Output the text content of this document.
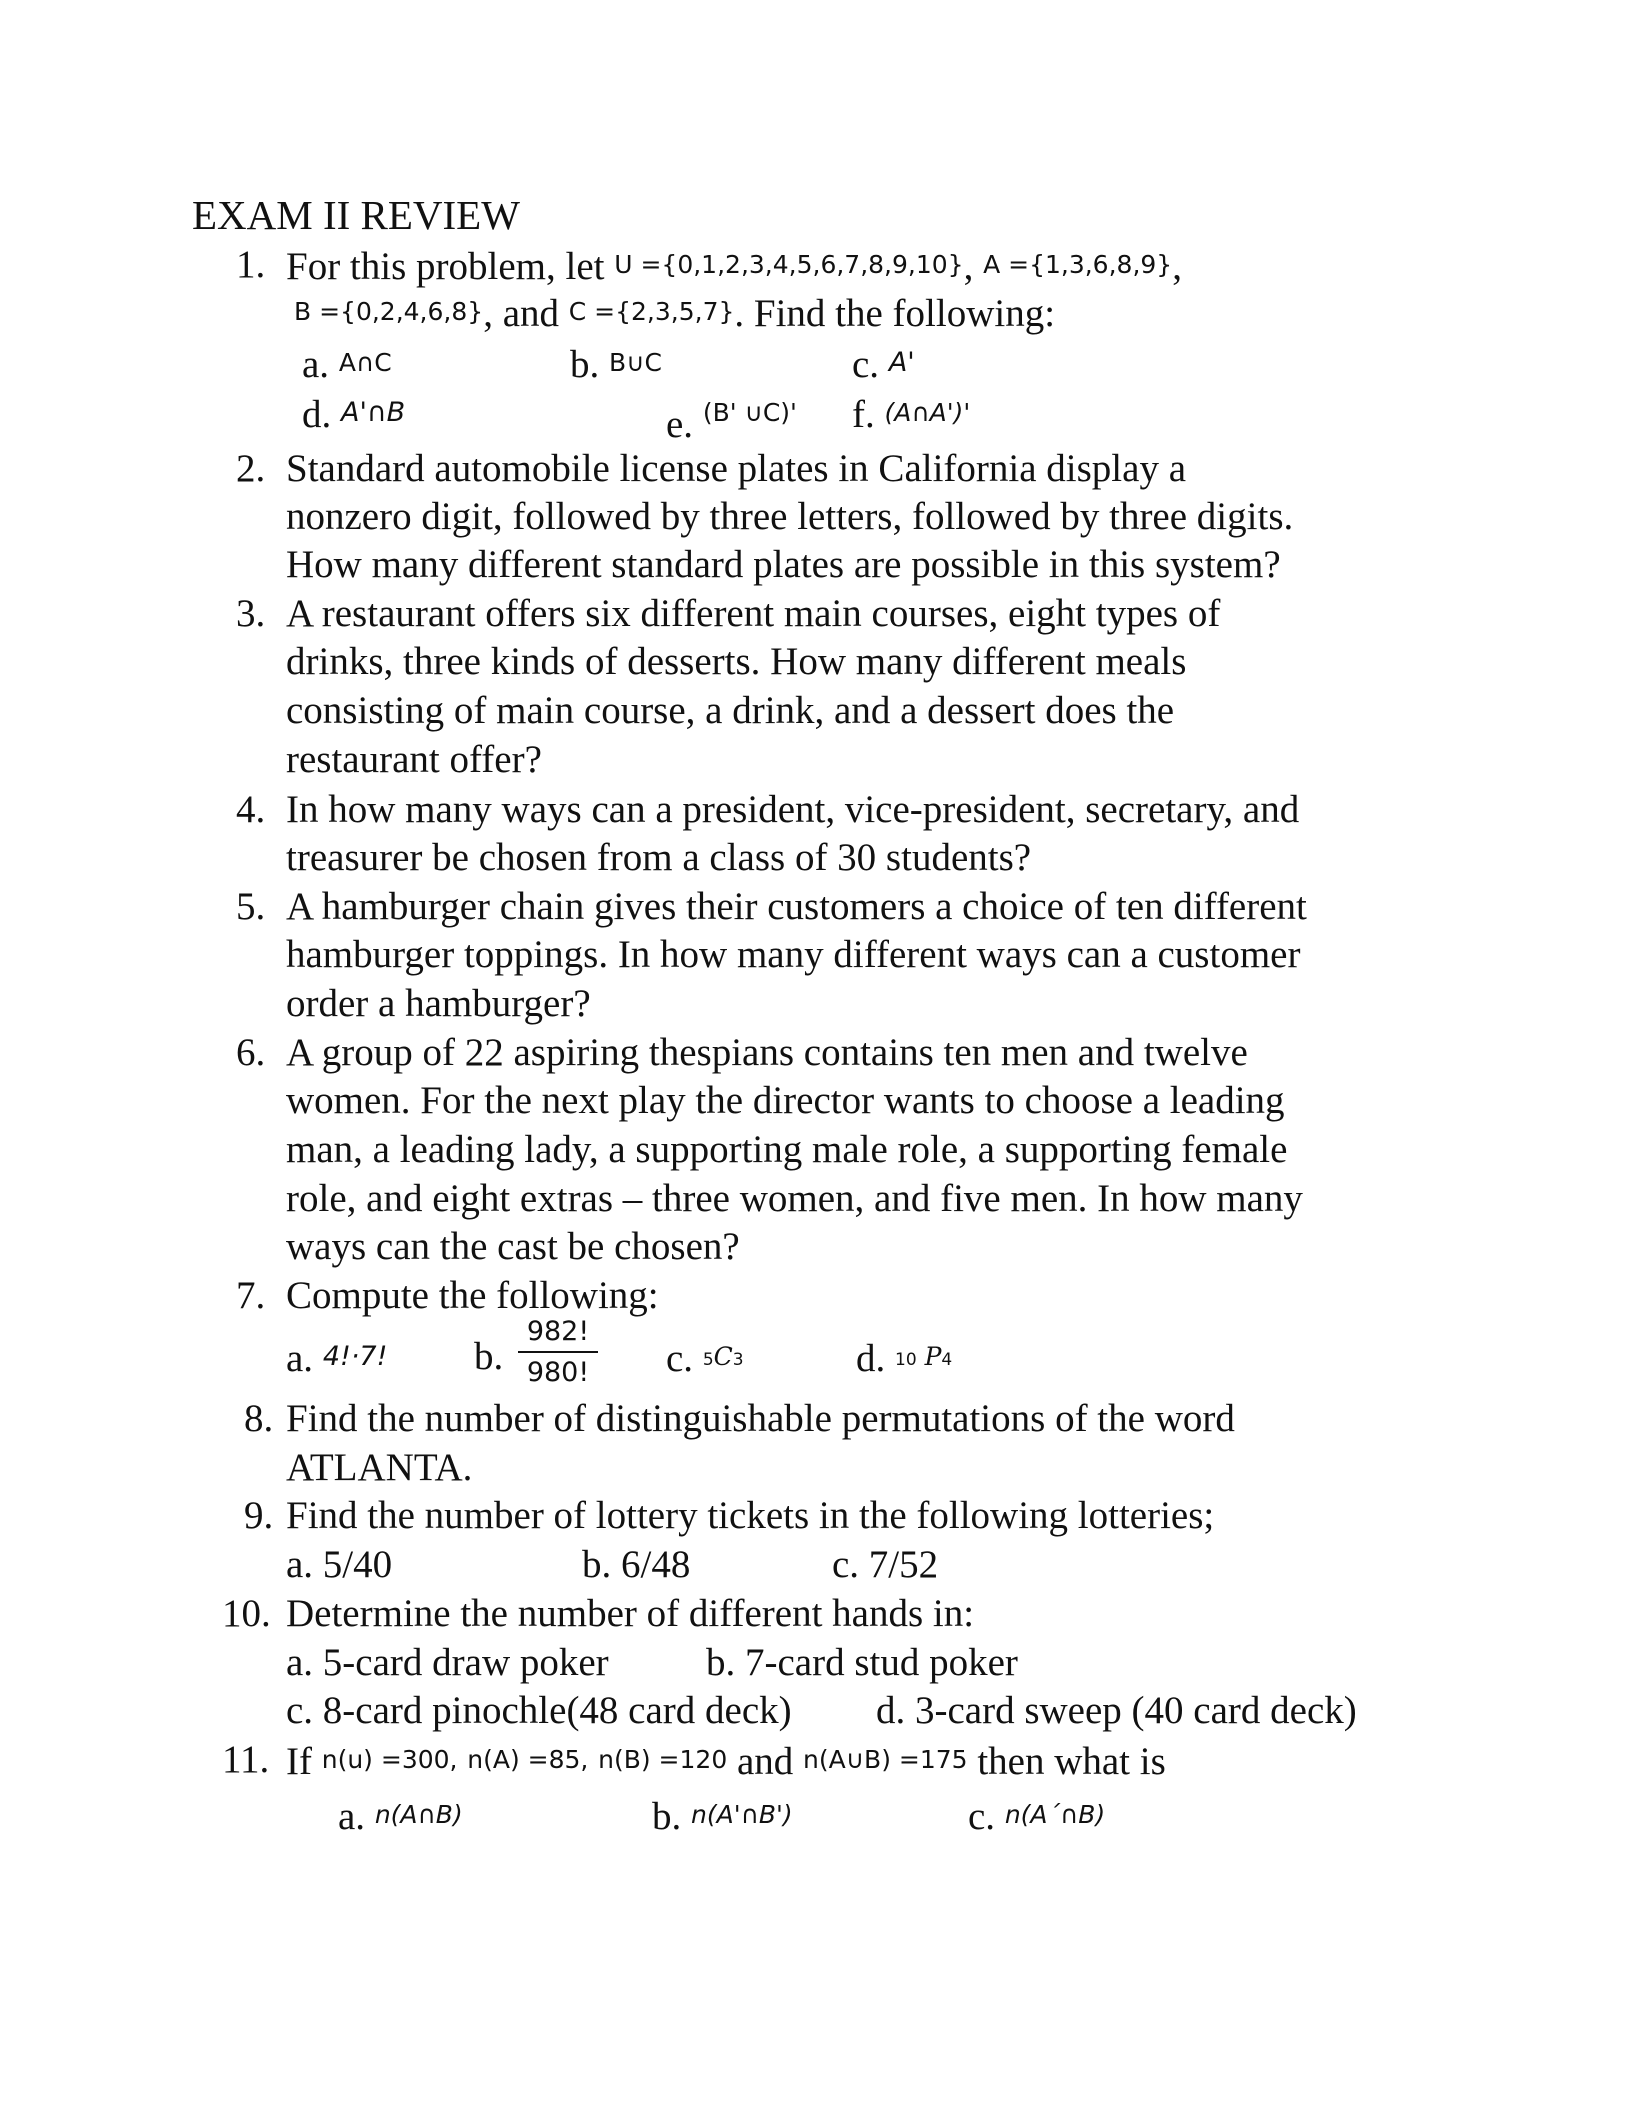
EXAM II REVIEW
1. For this problem, let U ={0,1,2,3,4,5,6,7,8,9,10}, A ={1,3,6,8,9},
B ={0,2,4,6,8}, and C ={2,3,5,7}. Find the following:
a. A∩C	b. B∪C	c. A'
d. A'∩B	e. $^{(B' \cup C)'}$ f. (A∩A')'
2. Standard automobile license plates in California display a
nonzero digit, followed by three letters, followed by three digits.
How many different standard plates are possible in this system?
3. A restaurant offers six different main courses, eight types of
drinks, three kinds of desserts. How many different meals
consisting of main course, a drink, and a dessert does the
restaurant offer?
4. In how many ways can a president, vice-president, secretary, and
treasurer be chosen from a class of 30 students?
5. A hamburger chain gives their customers a choice of ten different
hamburger toppings. In how many different ways can a customer
order a hamburger?
6. A group of 22 aspiring thespians contains ten men and twelve
women. For the next play the director wants to choose a leading
man, a leading lady, a supporting male role, a supporting female
role, and eight extras – three women, and five men. In how many
ways can the cast be chosen?
7. Compute the following:
a. 4!·7! b.
982!
980! c. 5C3	d. 10 P4
8. Find the number of distinguishable permutations of the word
ATLANTA.
9. Find the number of lottery tickets in the following lotteries;
a. 5/40	b. 6/48	c. 7/52
10. Determine the number of different hands in:
a. 5-card draw poker b. 7-card stud poker
c. 8-card pinochle(48 card deck) d. 3-card sweep (40 card deck)
11. If n(u) =300, n(A) =85, n(B) =120 and n(A∪B) =175 then what is
a. n(A∩B)	b. n(A'∩B')	c. n(A´∩B)
